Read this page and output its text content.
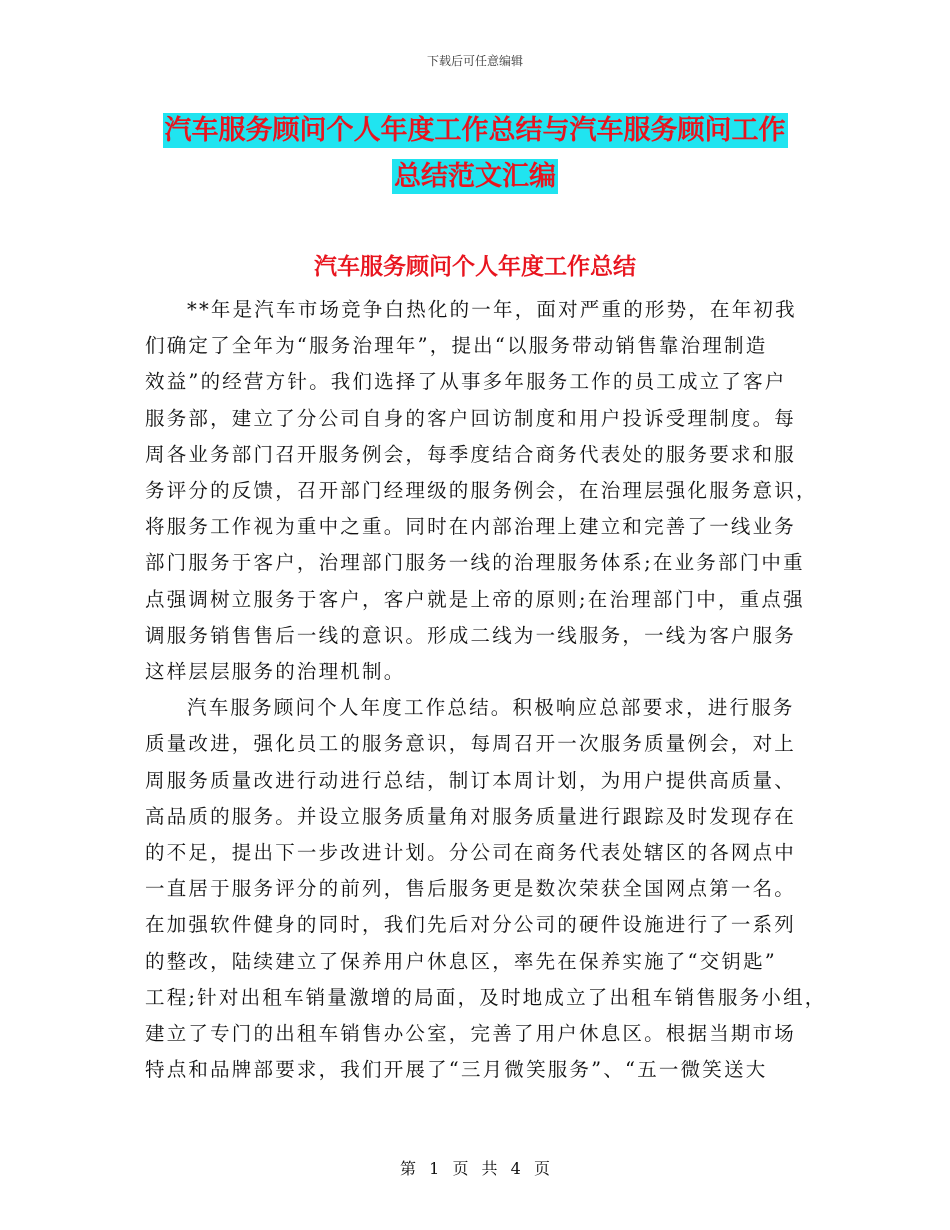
下载后可任意编辑
汽车服务顾问个人年度工作总结与汽车服务顾问工作
总结范文汇编
汽车服务顾问个人年度工作总结

**年是汽车市场竞争白热化的一年，面对严重的形势，在年初我
们确定了全年为“服务治理年”，提出“以服务带动销售靠治理制造
效益”的经营方针。我们选择了从事多年服务工作的员工成立了客户
服务部，建立了分公司自身的客户回访制度和用户投诉受理制度。每
周各业务部门召开服务例会，每季度结合商务代表处的服务要求和服
务评分的反馈，召开部门经理级的服务例会，在治理层强化服务意识，
将服务工作视为重中之重。同时在内部治理上建立和完善了一线业务
部门服务于客户，治理部门服务一线的治理服务体系;在业务部门中重
点强调树立服务于客户，客户就是上帝的原则;在治理部门中，重点强
调服务销售售后一线的意识。形成二线为一线服务，一线为客户服务
这样层层服务的治理机制。

汽车服务顾问个人年度工作总结。积极响应总部要求，进行服务
质量改进，强化员工的服务意识，每周召开一次服务质量例会，对上
周服务质量改进行动进行总结，制订本周计划，为用户提供高质量、
高品质的服务。并设立服务质量角对服务质量进行跟踪及时发现存在
的不足，提出下一步改进计划。分公司在商务代表处辖区的各网点中
一直居于服务评分的前列，售后服务更是数次荣获全国网点第一名。
在加强软件健身的同时，我们先后对分公司的硬件设施进行了一系列
的整改，陆续建立了保养用户休息区，率先在保养实施了“交钥匙”
工程;针对出租车销量激增的局面，及时地成立了出租车销售服务小组，
建立了专门的出租车销售办公室，完善了用户休息区。根据当期市场
特点和品牌部要求，我们开展了“三月微笑服务”、“五一微笑送大

第 1 页 共 4 页
